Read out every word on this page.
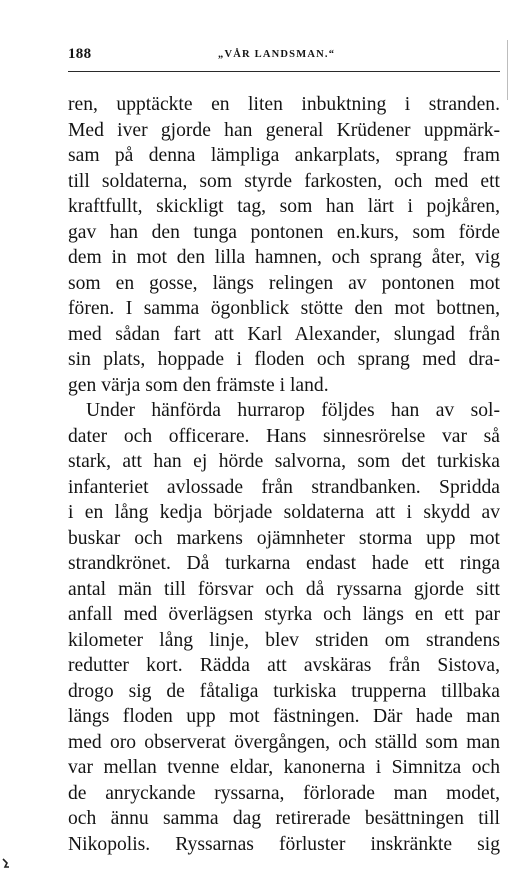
188	„VÅR LANDSMAN.“
ren, upptäckte en liten inbuktning i stranden.
Med iver gjorde han general Krüdener uppmärk-
sam på denna lämpliga ankarplats, sprang fram
till soldaterna, som styrde farkosten, och med ett
kraftfullt, skickligt tag, som han lärt i pojkåren,
gav han den tunga pontonen en.kurs, som förde
dem in mot den lilla hamnen, och sprang åter, vig
som en gosse, längs relingen av pontonen mot
fören. I samma ögonblick stötte den mot bottnen,
med sådan fart att Karl Alexander, slungad från
sin plats, hoppade i floden och sprang med dra-
gen värja som den främste i land.
Under hänförda hurrarop följdes han av sol-
dater och officerare. Hans sinnesrörelse var så
stark, att han ej hörde salvorna, som det turkiska
infanteriet avlossade från strandbanken. Spridda
i en lång kedja började soldaterna att i skydd av
buskar och markens ojämnheter storma upp mot
strandkrönet. Då turkarna endast hade ett ringa
antal män till försvar och då ryssarna gjorde sitt
anfall med överlägsen styrka och längs en ett par
kilometer lång linje, blev striden om strandens
redutter kort. Rädda att avskäras från Sistova,
drogo sig de fåtaliga turkiska trupperna tillbaka
längs floden upp mot fästningen. Där hade man
med oro observerat övergången, och ställd som man
var mellan tvenne eldar, kanonerna i Simnitza och
de anryckande ryssarna, förlorade man modet,
och ännu samma dag retirerade besättningen till
Nikopolis. Ryssarnas förluster inskränkte sig
